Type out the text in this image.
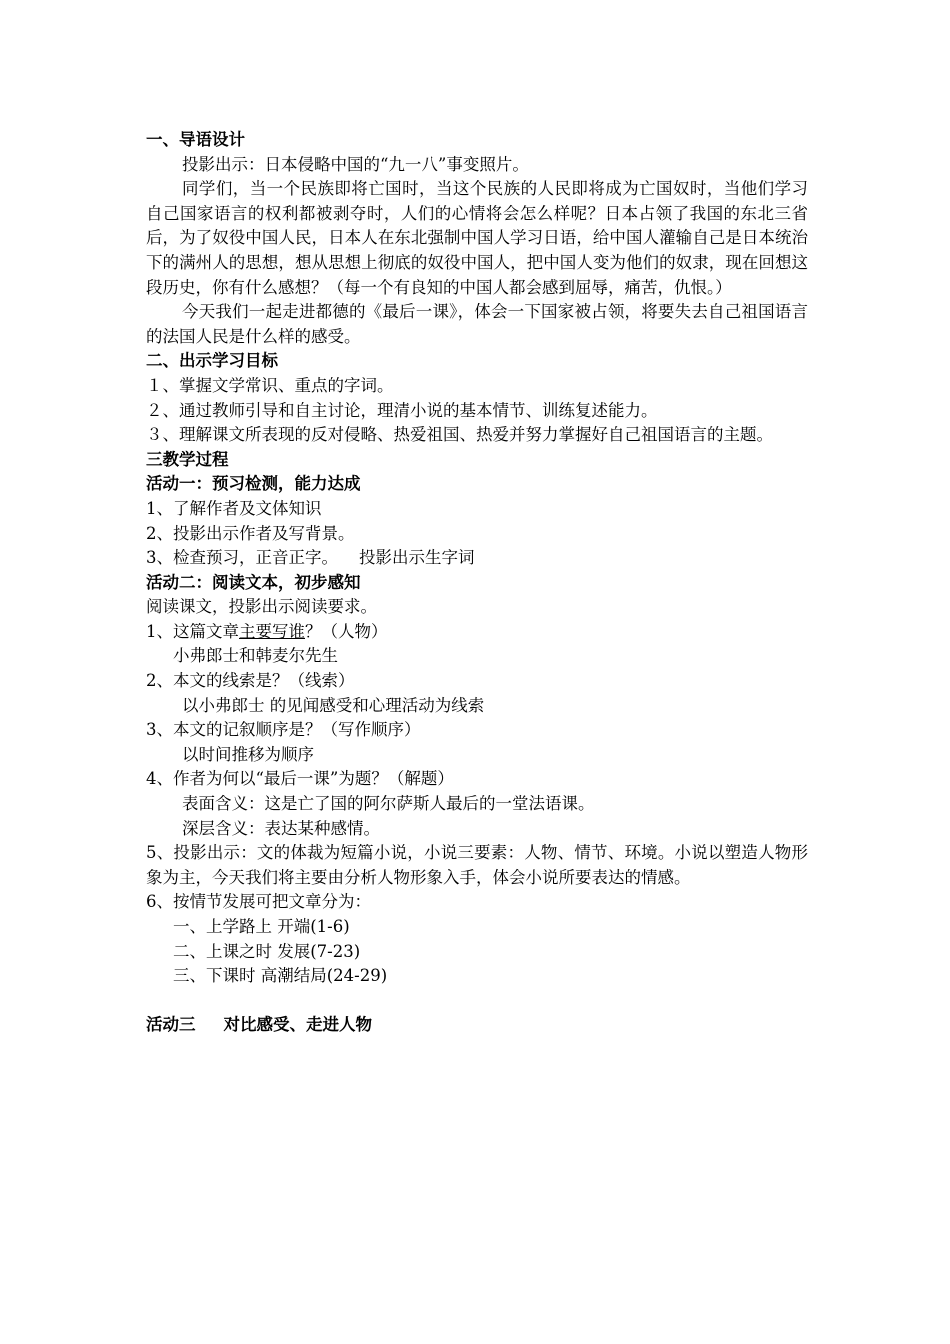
一、导语设计
投影出示：日本侵略中国的“九一八”事变照片。
同学们，当一个民族即将亡国时，当这个民族的人民即将成为亡国奴时，当他们学习自己国家语言的权利都被剥夺时，人们的心情将会怎么样呢？日本占领了我国的东北三省后，为了奴役中国人民，日本人在东北强制中国人学习日语，给中国人灌输自己是日本统治下的满州人的思想，想从思想上彻底的奴役中国人，把中国人变为他们的奴隶，现在回想这段历史，你有什么感想？（每一个有良知的中国人都会感到屈辱，痛苦，仇恨。）
今天我们一起走进都德的《最后一课》，体会一下国家被占领，将要失去自己祖国语言的法国人民是什么样的感受。
二、出示学习目标
１、掌握文学常识、重点的字词。
２、通过教师引导和自主讨论，理清小说的基本情节、训练复述能力。
３、理解课文所表现的反对侵略、热爱祖国、热爱并努力掌握好自己祖国语言的主题。
三教学过程
活动一：预习检测，能力达成
1、了解作者及文体知识
2、投影出示作者及写背景。
3、检查预习，正音正字。    投影出示生字词
活动二：阅读文本，初步感知
阅读课文，投影出示阅读要求。
1、这篇文章主要写谁？（人物）
小弗郎士和韩麦尔先生
2、本文的线索是？（线索）
以小弗郎士 的见闻感受和心理活动为线索
3、本文的记叙顺序是？（写作顺序）
以时间推移为顺序
4、作者为何以“最后一课”为题？（解题）
表面含义：这是亡了国的阿尔萨斯人最后的一堂法语课。
深层含义：表达某种感情。
5、投影出示：文的体裁为短篇小说，小说三要素：人物、情节、环境。小说以塑造人物形象为主，今天我们将主要由分析人物形象入手，体会小说所要表达的情感。
6、按情节发展可把文章分为：
一、上学路上 开端(1-6)
二、上课之时 发展(7-23)
三、下课时 高潮结局(24-29)
活动三　  对比感受、走进人物
